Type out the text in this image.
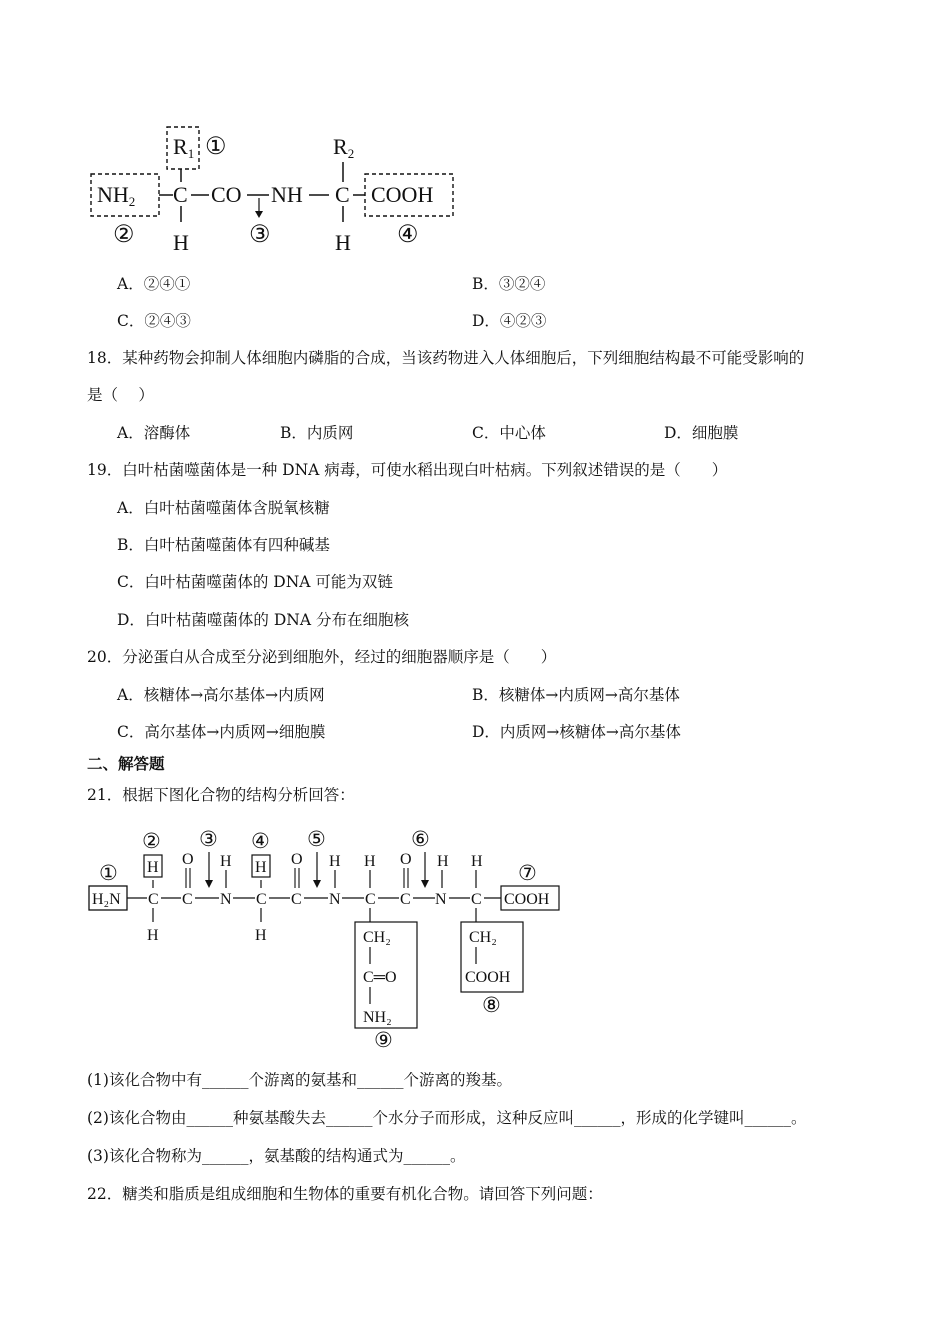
R1 ①
NH2
②
C
H
CO
③
NH
R2
C
H
COOH
④
A．②④①	B．③②④
C．②④③	D．④②③
18．某种药物会抑制人体细胞内磷脂的合成，当该药物进入人体细胞后，下列细胞结构最不可能受影响的
是（　 ）
A．溶酶体	B．内质网	C．中心体	D．细胞膜
19．白叶枯菌噬菌体是一种 DNA 病毒，可使水稻出现白叶枯病。下列叙述错误的是（　　）
A．白叶枯菌噬菌体含脱氧核糖
B．白叶枯菌噬菌体有四种碱基
C．白叶枯菌噬菌体的 DNA 可能为双链
D．白叶枯菌噬菌体的 DNA 分布在细胞核
20．分泌蛋白从合成至分泌到细胞外，经过的细胞器顺序是（　　）
A．核糖体→高尔基体→内质网	B．核糖体→内质网→高尔基体
C．高尔基体→内质网→细胞膜	D．内质网→核糖体→高尔基体
二、解答题
21．根据下图化合物的结构分析回答：
H₂N
①
C
H
②
H
C
O
③
N
H
C
H
④
H
C
O
⑤
N
H
C
H
CH₂
C═O
NH₂
⑨
C
O
⑥
N
H
C
H
COOH
⑦
CH₂
COOH
⑧
(1)该化合物中有______个游离的氨基和______个游离的羧基。
(2)该化合物由______种氨基酸失去______个水分子而形成，这种反应叫______，形成的化学键叫______。
(3)该化合物称为______，氨基酸的结构通式为______。
22．糖类和脂质是组成细胞和生物体的重要有机化合物。请回答下列问题：
